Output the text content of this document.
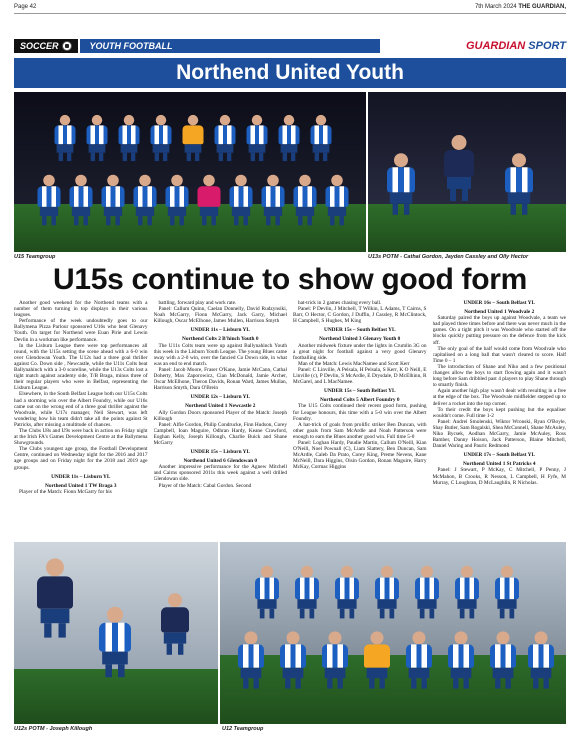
Page 42	7th March 2024 THE GUARDIAN,
SOCCER	YOUTH FOOTBALL	GUARDIAN SPORT
Northend United Youth
U15 Teamgroup	U13s POTM - Cathal Gordon, Jayden Cassley and Olly Hector
U15s continue to show good form

Another good weekend for the Northend teams with a number of them turning in top displays in their various leagues.

Performance of the week undoubtedly goes to our Ballymena Pizza Parlour sponsored U16s who beat Glenavy Youth. On target for Northend were Euan Pirie and Lewin Devlin in a workman like performance.

In the Lisburn League there were top performances all round, with the U15s setting the scene ahead with a 6-0 win over Glendowan Youth. The U12s had a three goal thriller against Co. Down side , Newcastle, while the U11s Colts beat Ballynahinch with a 3-0 scoreline, while the U13s Colts lost a tight match against academy side, T/B Braga, minus three of their regular players who were in Belfast, representing the Lisburn League.

Elsewhere, in the South Belfast League both our U15s Colts had a storming win over the Albert Foundry, while our U16s came out on the wrong end of a three goal thriller against the Woodvale, while U17s manager, Neil Stewart, was left wondering how his team didn't take all the points against St Patricks, after missing a multitude of chances.

The Clubs U8s and U9s were back in action on Friday night at the Irish FA's Games Development Centre at the Ballymena Showgrounds.

The Clubs youngest age group, the Football Development Centre, continued on Wednesday night for the 2016 and 2017 age groups and on Friday night for the 2018 and 2019 age groups.

UNDER 11s – Lisburn YL

Northend United 1 TW Braga 3

Player of the Match: Fionn McGarry for his

battling, forward play and work rate.

Panel: Callum Quinn, Caelan Donnelly, David Rudzynsiki, Noah McGarry, Fionn McGarry, Jack Garry, Michael Killough, Oscar McElhone, James Mullen, Harrison Smyth

UNDER 11s – Lisburn YL

Northend Colts 2 B'hinch Youth 0

The U11s Colts team were up against Ballynahinch Youth this week in the Lisburn Youth League. The young Blues came away with a 2-0 win, over the fancied Co Down side, in what was an end to end match.

Panel: Jacob Moore, Fraser O'Kane, Jamie McCann, Cathal Doherty, Max Zaporowicz, Cian McDonald, Jamie Archer, Oscar McElhone, Theron Davids, Ronan Ward, James Mullan, Harrison Smyth, Dara O'Brein

UNDER 12s – Lisburn YL

Northend United 1 Newcastle 2

Ally Gordon Doors sponsored Player of the Match: Joseph Killough

Panel: Alfie Gordon, Philip Condrucke, Finn Hudson, Corey Campbell, Ioan Maguire, Odhran Hardy, Keane Crawford, Eoghan Kelly, Joseph Killough, Charlie Buick and Shane McGarry

UNDER 15s – Lisburn YL

Northend United 6 Glendowan 0

Another impressive performance for the Agnew Mitchell and Cairns sponsored 2011s this week against a well drilled Glendowan side.

Player of the Match: Cabal Gordon. Second

hat-trick in 2 games chasing every ball.

Panel: P Devlin, J Mitchell, T Wilkin, L Adams, T Cairns, S Barr, O Hector, C Gordon, J Duffin, J Cassley, R McClintock, H Campbell, S Hughes, M King

UNDER 15s – South Belfast YL

Northend United 3 Glenavy Youth 0

Another midweek fixture under the lights in Crumlin 3G on a great night for football against a very good Glenavy footballing side.

Man of the Match: Lewis MacNamee and Scott Kerr

Panel: C Linville, A Pelsala, H Pelsala, S Kerr, K O Neill, E Linville (c), P Devlin, S McArdle, E Drysdale, D McElhinn, R McGarel, and L MacNamee.

UNDER 15s – South Belfast YL

Northend Colts 5 Albert Foundry 0

The U15 Colts continued their recent good form, pushing for League honours, this time with a 5-0 win over the Albert Foundry.

A hat-trick of goals from prolific striker Ben Duncan, with other goals from Sam McArdle and Noah Patterson were enough to earn the Blues another good win. Full time 5-0

Panel: Loghan Hardy, Paudie Martin, Callum O'Neill, Kian O'Neill, Noel Pownall (C), Liam Slattery, Ben Duncan, Sam McArdle, Caleb Da Prato, Corey King, Preme Nevens, Kane McNeill, Dara Higgins, Oisin Gordon, Ronan Maguire, Harry McKay, Cormac Higgins

UNDER 16s – South Belfast YL

Northend United 1 Woodvale 2

Saturday paired the boys up against Woodvale, a team we had played three times before and there was never much in the games. On a tight pitch it was Woodvale who started off the blocks quickly putting pressure on the defence from the kick off.

The only goal of the half would come from Woodvale who capitalised on a long ball that wasn't cleared to score. Half Time 0 – 1

The introduction of Shane and Niko and a few positional changes allow the boys to start flowing again and it wasn't long before Sam dribbled past 4 players to play Shane through to smartly finish.

Again another high play wasn't dealt with resulting in a free at the edge of the box. The Woodvale midfielder stepped up to deliver a rocket into the top corner.

To their credit the boys kept pushing but the equaliser wouldn't come. Full time 1-2

Panel: Andrei Smolenski, Wiktor Wronski, Ryan O'Boyle, Shay Butler, Sam Rogalski, Shea McConnell, Shane McAuley, Niko Bycsek, Aodhan McGarry, Jamie McAuley, Ross Bamber, Danny Hoison, Jack Patterson, Blaine Mitchell, Daniel Waring and Pauric Redmond

UNDER 17s – South Belfast YL

Northend United 1 St Patricks 4

Panel: J Stewart, P McKay, C Mitchell, P Penny, J McMahon, B Crooks, R Nesson, L Campbell, H Fyfe, M Murray, C Loughran, D McLaughlin, R Nicholas.

U12s POTM - Joseph Killough	U12 Teamgroup
